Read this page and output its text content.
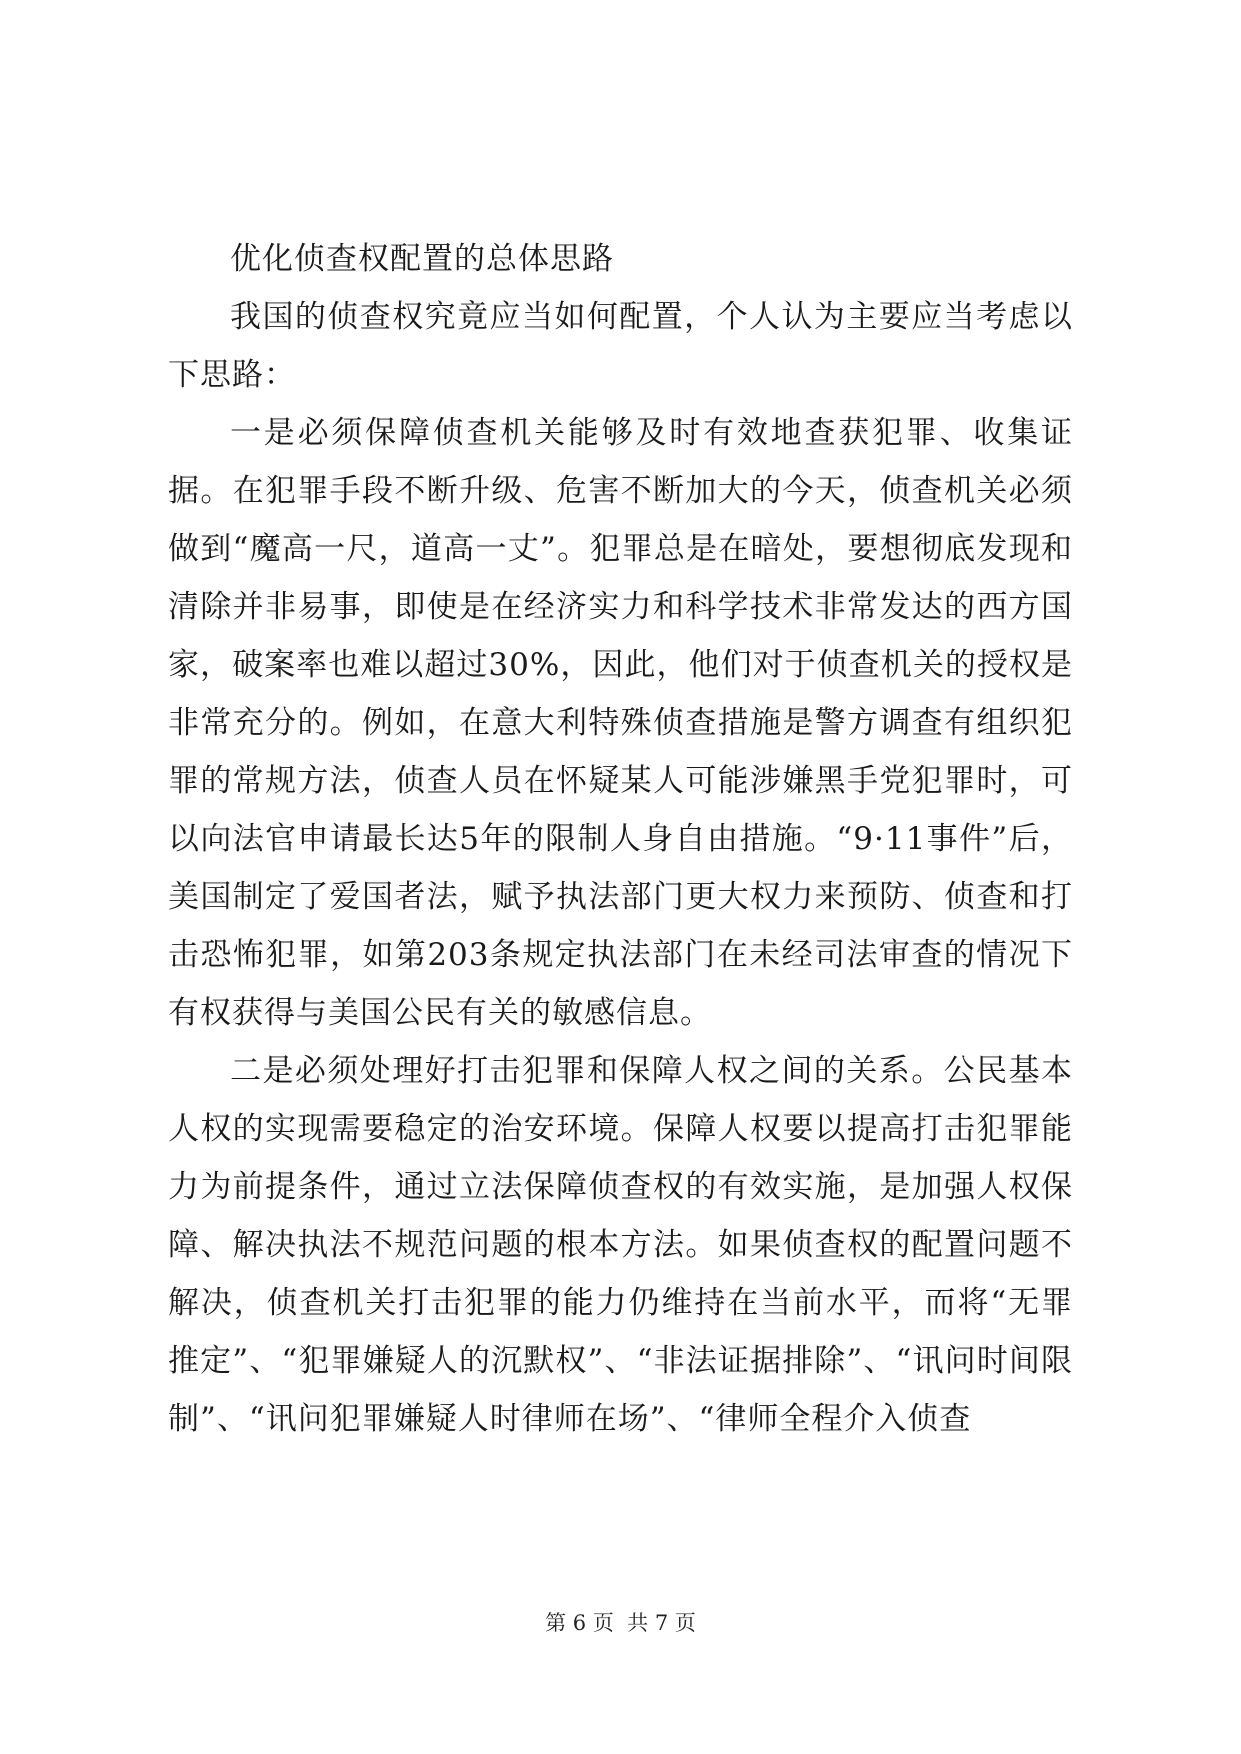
优化侦查权配置的总体思路

我国的侦查权究竟应当如何配置，个人认为主要应当考虑以下思路：

一是必须保障侦查机关能够及时有效地查获犯罪、收集证据。在犯罪手段不断升级、危害不断加大的今天，侦查机关必须做到“魔高一尺，道高一丈”。犯罪总是在暗处，要想彻底发现和清除并非易事，即使是在经济实力和科学技术非常发达的西方国家，破案率也难以超过30%，因此，他们对于侦查机关的授权是非常充分的。例如，在意大利特殊侦查措施是警方调查有组织犯罪的常规方法，侦查人员在怀疑某人可能涉嫌黑手党犯罪时，可以向法官申请最长达5年的限制人身自由措施。“9·11事件”后，美国制定了爱国者法，赋予执法部门更大权力来预防、侦查和打击恐怖犯罪，如第203条规定执法部门在未经司法审查的情况下有权获得与美国公民有关的敏感信息。

二是必须处理好打击犯罪和保障人权之间的关系。公民基本人权的实现需要稳定的治安环境。保障人权要以提高打击犯罪能力为前提条件，通过立法保障侦查权的有效实施，是加强人权保障、解决执法不规范问题的根本方法。如果侦查权的配置问题不解决，侦查机关打击犯罪的能力仍维持在当前水平，而将“无罪推定”、“犯罪嫌疑人的沉默权”、“非法证据排除”、“讯问时间限制”、“讯问犯罪嫌疑人时律师在场”、“律师全程介入侦查

第 6 页  共 7 页
